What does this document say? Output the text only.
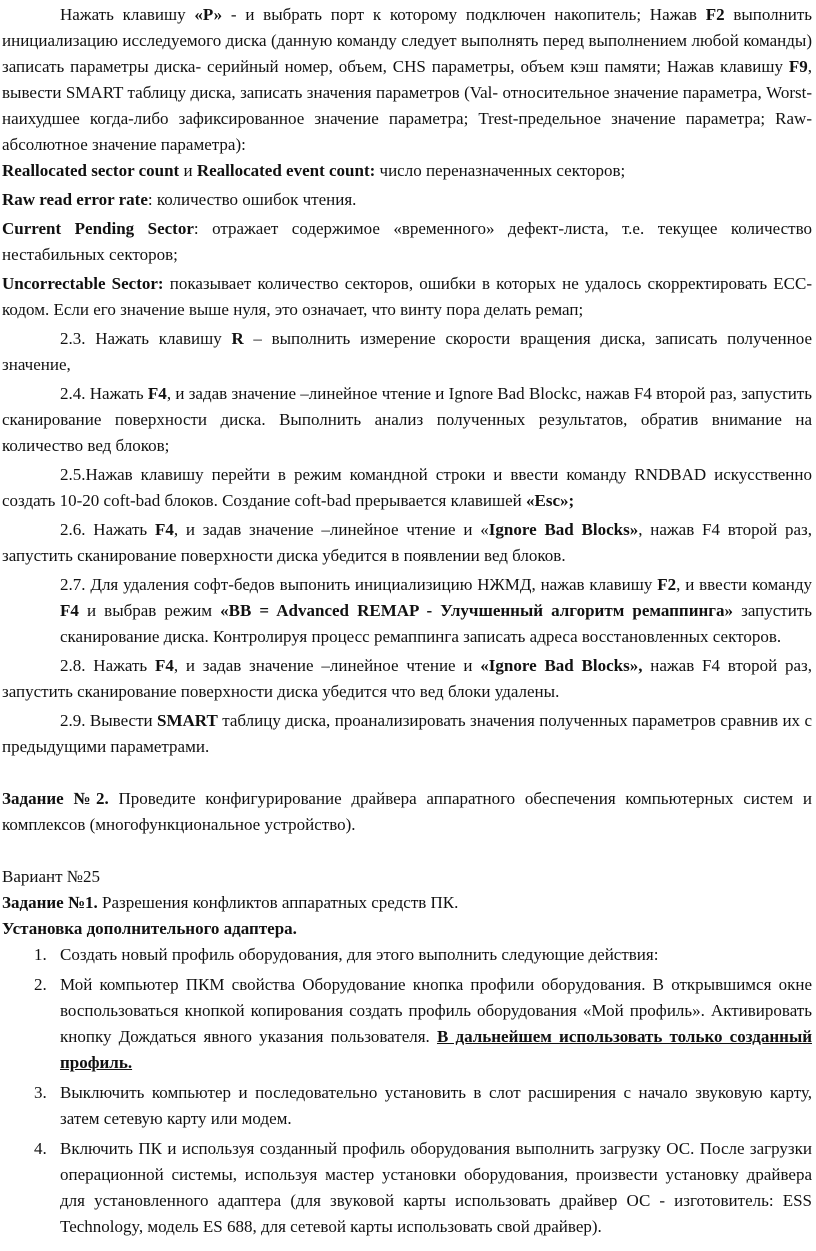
Нажать клавишу «Р» - и выбрать порт к которому подключен накопитель; Нажав F2 выполнить инициализацию исследуемого диска (данную команду следует выполнять перед выполнением любой команды) записать параметры диска- серийный номер, объем, CHS параметры, объем кэш памяти; Нажав клавишу F9, вывести SMART таблицу диска, записать значения параметров (Val- относительное значение параметра, Worst-наихудшее когда-либо зафиксированное значение параметра; Trest-предельное значение параметра; Raw- абсолютное значение параметра):

Reallocated sector count и Reallocated event count: число переназначенных секторов;

Raw read error rate: количество ошибок чтения.

Current Pending Sector: отражает содержимое «временного» дефект-листа, т.е. текущее количество нестабильных секторов;

Uncorrectable Sector: показывает количество секторов, ошибки в которых не удалось скорректировать ECC-кодом. Если его значение выше нуля, это означает, что винту пора делать ремап;

2.3. Нажать клавишу R – выполнить измерение скорости вращения диска, записать полученное значение,

2.4. Нажать F4, и задав значение –линейное чтение и Ignore Bad Blockс, нажав F4 второй раз, запустить сканирование поверхности диска. Выполнить анализ полученных результатов, обратив внимание на количество вед блоков;

2.5.Нажав клавишу перейти в режим командной строки и ввести команду RNDBAD искусственно создать 10-20 coft-bad блоков. Создание coft-bad прерывается клавишей «Esc»;

2.6. Нажать F4, и задав значение –линейное чтение и «Ignore Bad Blocks», нажав F4 второй раз, запустить сканирование поверхности диска убедится в появлении вед блоков.

2.7. Для удаления софт-бедов выпонить инициализицию НЖМД, нажав клавишу F2, и ввести команду F4 и выбрав режим «BB = Advanced REMAP - Улучшенный алгоритм ремаппинга» запустить сканирование диска. Контролируя процесс ремаппинга записать адреса восстановленных секторов.

2.8. Нажать F4, и задав значение –линейное чтение и «Ignore Bad Blocks», нажав F4 второй раз, запустить сканирование поверхности диска убедится что вед блоки удалены.

2.9. Вывести SMART таблицу диска, проанализировать значения полученных параметров сравнив их с предыдущими параметрами.

Задание №2. Проведите конфигурирование драйвера аппаратного обеспечения компьютерных систем и комплексов (многофункциональное устройство).

Вариант №25

Задание №1. Разрешения конфликтов аппаратных средств ПК.

Установка дополнительного адаптера.

1. Создать новый профиль оборудования, для этого выполнить следующие действия:
2. Мой компьютер ПКМ свойства Оборудование кнопка профили оборудования. В открывшимся окне воспользоваться кнопкой копирования создать профиль оборудования «Мой профиль». Активировать кнопку Дождаться явного указания пользователя. В дальнейшем использовать только созданный профиль.
3. Выключить компьютер и последовательно установить в слот расширения с начало звуковую карту, затем сетевую карту или модем.
4. Включить ПК и используя созданный профиль оборудования выполнить загрузку ОС. После загрузки операционной системы, используя мастер установки оборудования, произвести установку драйвера для установленного адаптера (для звуковой карты использовать драйвер ОС - изготовитель: ESS Technology, модель ES 688, для сетевой карты использовать свой драйвер).
